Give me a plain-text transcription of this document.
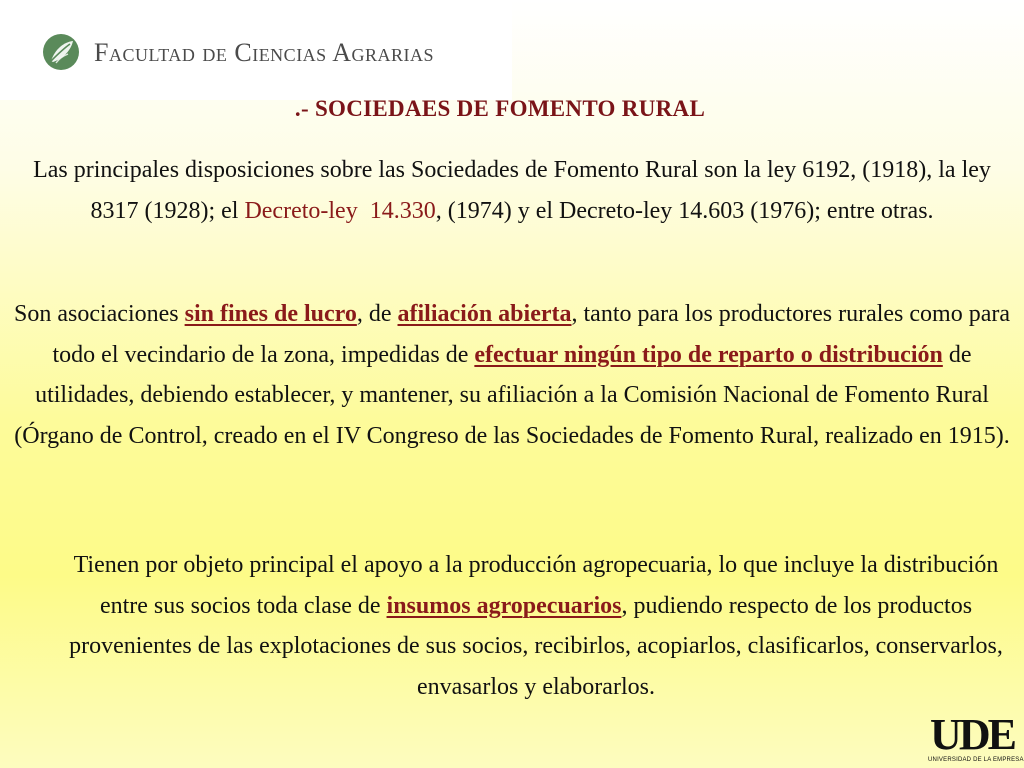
Facultad de Ciencias Agrarias
.- SOCIEDAES DE FOMENTO RURAL

Las principales disposiciones sobre las Sociedades de Fomento Rural son la ley 6192, (1918), la ley 8317 (1928); el Decreto-ley  14.330, (1974) y el Decreto-ley 14.603 (1976); entre otras.

Son asociaciones sin fines de lucro, de afiliación abierta, tanto para los productores rurales como para todo el vecindario de la zona, impedidas de efectuar ningún tipo de reparto o distribución de utilidades, debiendo establecer, y mantener, su afiliación a la Comisión Nacional de Fomento Rural (Órgano de Control, creado en el IV Congreso de las Sociedades de Fomento Rural, realizado en 1915).

Tienen por objeto principal el apoyo a la producción agropecuaria, lo que incluye la distribución entre sus socios toda clase de insumos agropecuarios, pudiendo respecto de los productos provenientes de las explotaciones de sus socios, recibirlos, acopiarlos, clasificarlos, conservarlos, envasarlos y elaborarlos.

UDE
UNIVERSIDAD DE LA EMPRESA
